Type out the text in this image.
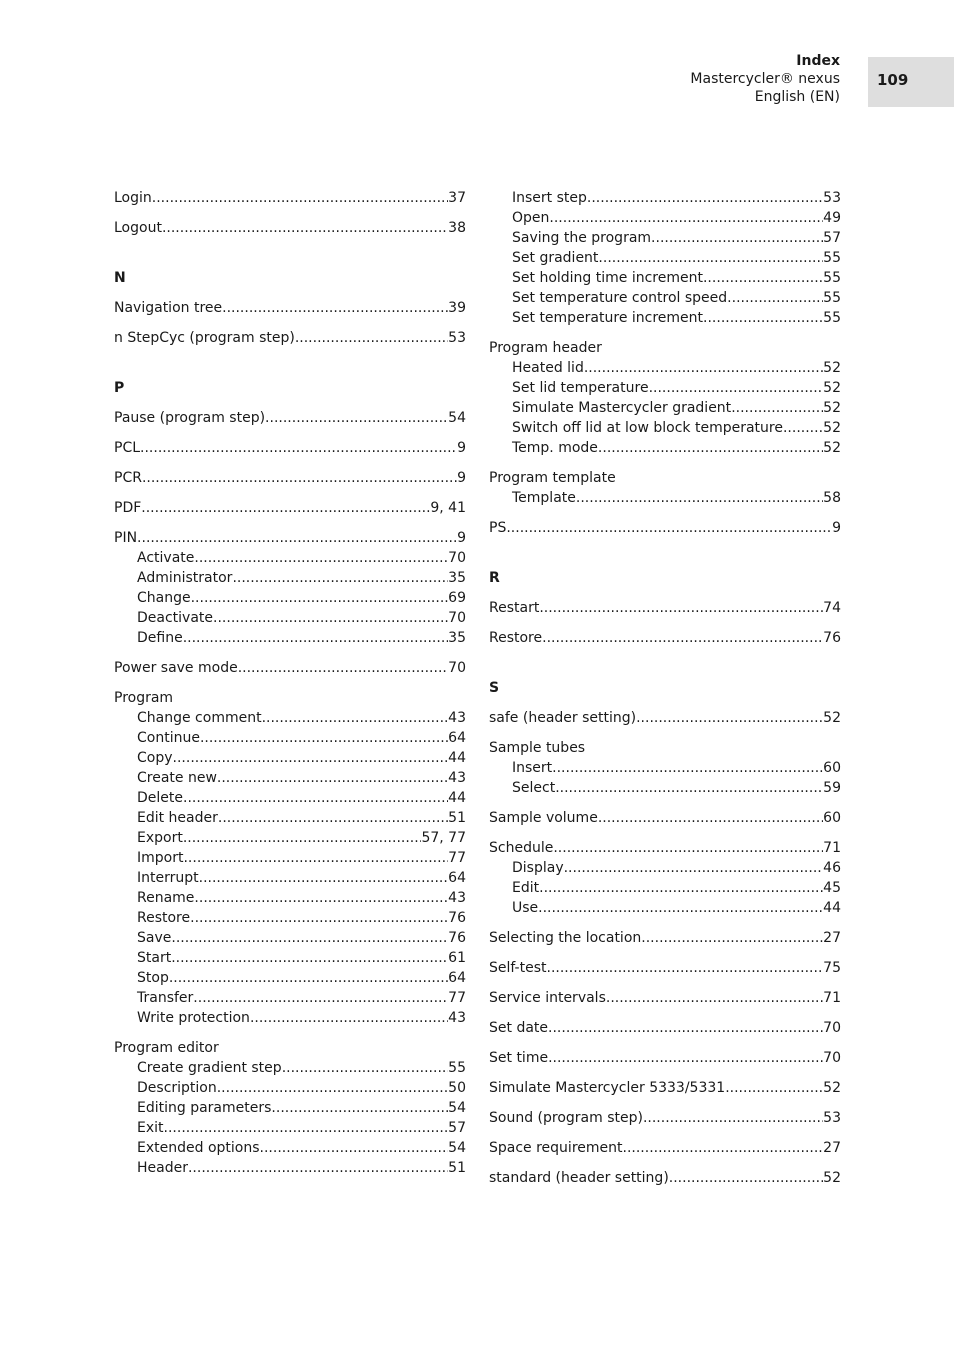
Index
Mastercycler® nexus
English (EN)
109
Login .....	37
Logout .....	38
N
Navigation tree .....	39
n StepCyc (program step) .....	53
P
Pause (program step) .....	54
PCL .....	9
PCR .....	9
PDF .....	9, 41
PIN .....	9
Activate .....	70
Administrator .....	35
Change .....	69
Deactivate .....	70
Define .....	35
Power save mode .....	70
Program
Change comment .....	43
Continue .....	64
Copy .....	44
Create new .....	43
Delete .....	44
Edit header .....	51
Export .....	57, 77
Import .....	77
Interrupt .....	64
Rename .....	43
Restore .....	76
Save .....	76
Start .....	61
Stop .....	64
Transfer .....	77
Write protection .....	43
Program editor
Create gradient step .....	55
Description .....	50
Editing parameters .....	54
Exit .....	57
Extended options .....	54
Header .....	51
Insert step .....	53
Open .....	49
Saving the program .....	57
Set gradient .....	55
Set holding time increment .....	55
Set temperature control speed .....	55
Set temperature increment .....	55
Program header
Heated lid .....	52
Set lid temperature .....	52
Simulate Mastercycler gradient .....	52
Switch off lid at low block temperature .....	52
Temp. mode .....	52
Program template
Template .....	58
PS .....	9
R
Restart .....	74
Restore .....	76
S
safe (header setting) .....	52
Sample tubes
Insert .....	60
Select .....	59
Sample volume .....	60
Schedule .....	71
Display .....	46
Edit .....	45
Use .....	44
Selecting the location .....	27
Self-test .....	75
Service intervals .....	71
Set date .....	70
Set time .....	70
Simulate Mastercycler 5333/5331 .....	52
Sound (program step) .....	53
Space requirement .....	27
standard (header setting) .....	52
